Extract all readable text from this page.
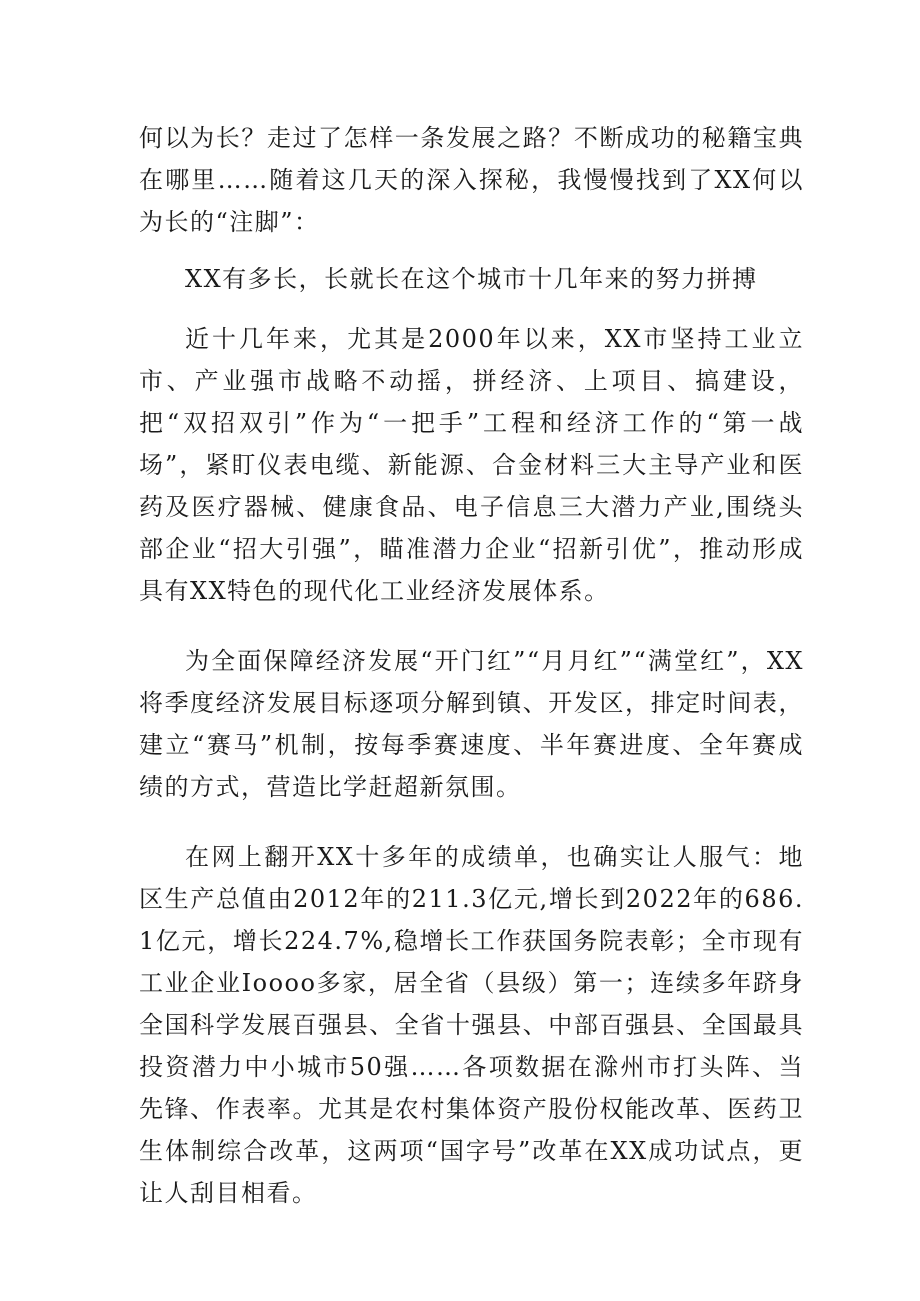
何以为长？走过了怎样一条发展之路？不断成功的秘籍宝典在哪里……随着这几天的深入探秘，我慢慢找到了XX何以为长的“注脚”：

XX有多长，长就长在这个城市十几年来的努力拼搏

近十几年来，尤其是2000年以来，XX市坚持工业立市、产业强市战略不动摇，拼经济、上项目、搞建设，把“双招双引”作为“一把手”工程和经济工作的“第一战场”，紧盯仪表电缆、新能源、合金材料三大主导产业和医药及医疗器械、健康食品、电子信息三大潜力产业,围绕头部企业“招大引强”，瞄准潜力企业“招新引优”，推动形成具有XX特色的现代化工业经济发展体系。

为全面保障经济发展“开门红”“月月红”“满堂红”，XX将季度经济发展目标逐项分解到镇、开发区，排定时间表，建立“赛马”机制，按每季赛速度、半年赛进度、全年赛成绩的方式，营造比学赶超新氛围。

在网上翻开XX十多年的成绩单，也确实让人服气：地区生产总值由2012年的211.3亿元,增长到2022年的686.1亿元，增长224.7%,稳增长工作获国务院表彰；全市现有工业企业Ioooo多家，居全省（县级）第一；连续多年跻身全国科学发展百强县、全省十强县、中部百强县、全国最具投资潜力中小城市50强……各项数据在滁州市打头阵、当先锋、作表率。尤其是农村集体资产股份权能改革、医药卫生体制综合改革，这两项“国字号”改革在XX成功试点，更让人刮目相看。
